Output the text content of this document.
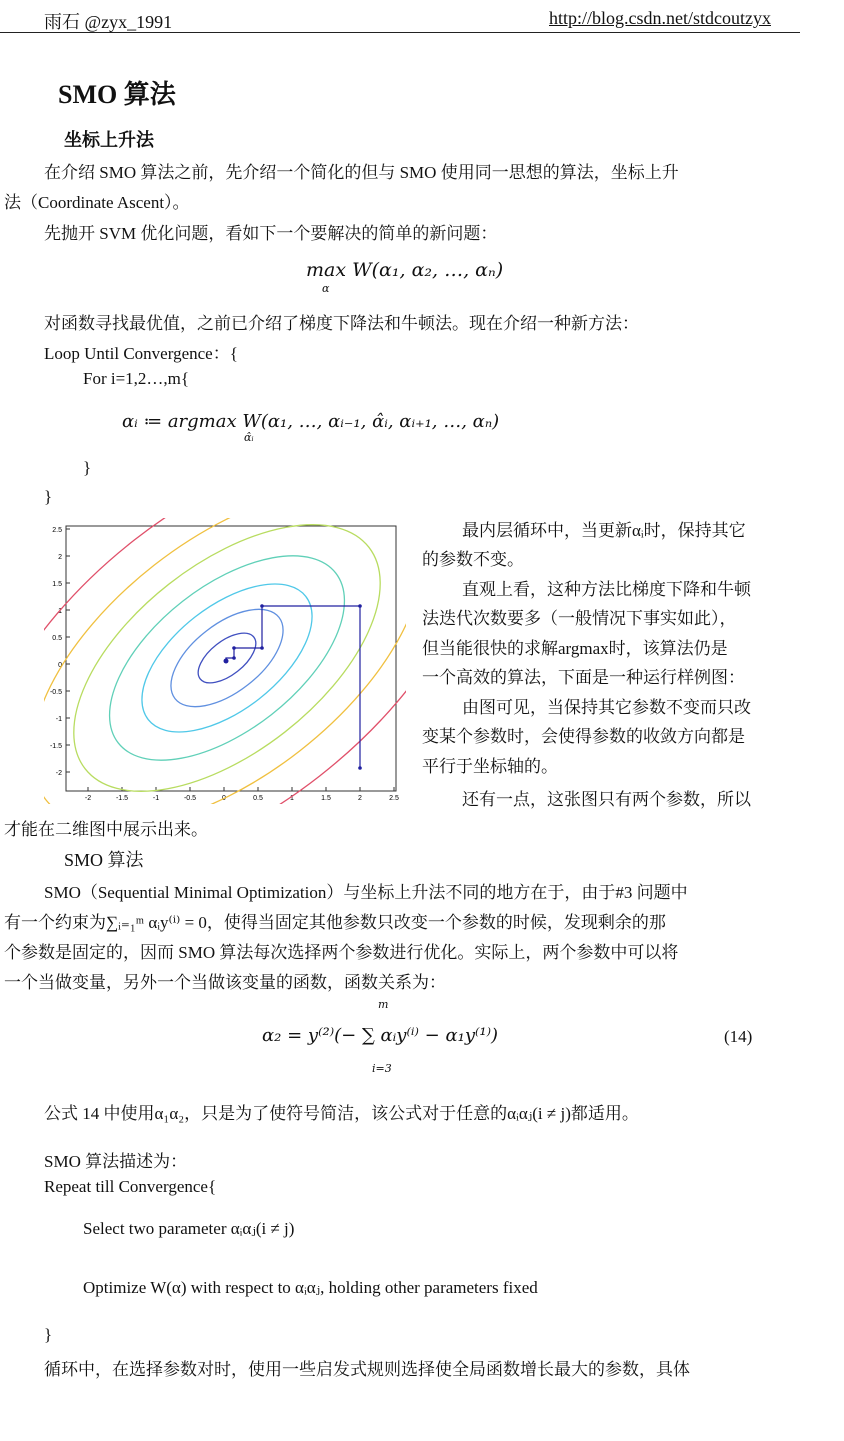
雨石 @zyx_1991	http://blog.csdn.net/stdcoutzyx
SMO 算法
坐标上升法
在介绍 SMO 算法之前，先介绍一个简化的但与 SMO 使用同一思想的算法，坐标上升
法（Coordinate Ascent）。
先抛开 SVM 优化问题，看如下一个要解决的简单的新问题：
max W(α₁, α₂, …, αₙ)
α
对函数寻找最优值，之前已介绍了梯度下降法和牛顿法。现在介绍一种新方法：
Loop Until Convergence：{
For i=1,2…,m{
αᵢ ≔ argmax W(α₁, …, αᵢ₋₁, α̂ᵢ, αᵢ₊₁, …, αₙ)
α̂ᵢ
}
}
-2	-1.5	-1	-0.5	0	0.5	1	1.5	2	2.5
2.5
2
1.5
1
0.5
0
-0.5
-1
-1.5
-2
最内层循环中，当更新αᵢ时，保持其它
的参数不变。
直观上看，这种方法比梯度下降和牛顿
法迭代次数要多（一般情况下事实如此），
但当能很快的求解argmax时，该算法仍是
一个高效的算法，下面是一种运行样例图：
由图可见，当保持其它参数不变而只改
变某个参数时，会使得参数的收敛方向都是
平行于坐标轴的。
还有一点，这张图只有两个参数，所以
才能在二维图中展示出来。
SMO 算法
SMO（Sequential Minimal Optimization）与坐标上升法不同的地方在于，由于#3 问题中
有一个约束为∑ᵢ₌₁ᵐ αᵢy⁽ⁱ⁾ = 0，使得当固定其他参数只改变一个参数的时候，发现剩余的那
个参数是固定的，因而 SMO 算法每次选择两个参数进行优化。实际上，两个参数中可以将
一个当做变量，另外一个当做该变量的函数，函数关系为：
m
α₂ = y⁽²⁾(− ∑ αᵢy⁽ⁱ⁾ − α₁y⁽¹⁾)
i=3
(14)
公式 14 中使用α₁α₂，只是为了使符号简洁，该公式对于任意的αᵢαⱼ(i ≠ j)都适用。
SMO 算法描述为：
Repeat till Convergence{
Select two parameter αᵢαⱼ(i ≠ j)
Optimize W(α) with respect to αᵢαⱼ, holding other parameters fixed
}
循环中，在选择参数对时，使用一些启发式规则选择使全局函数增长最大的参数，具体
